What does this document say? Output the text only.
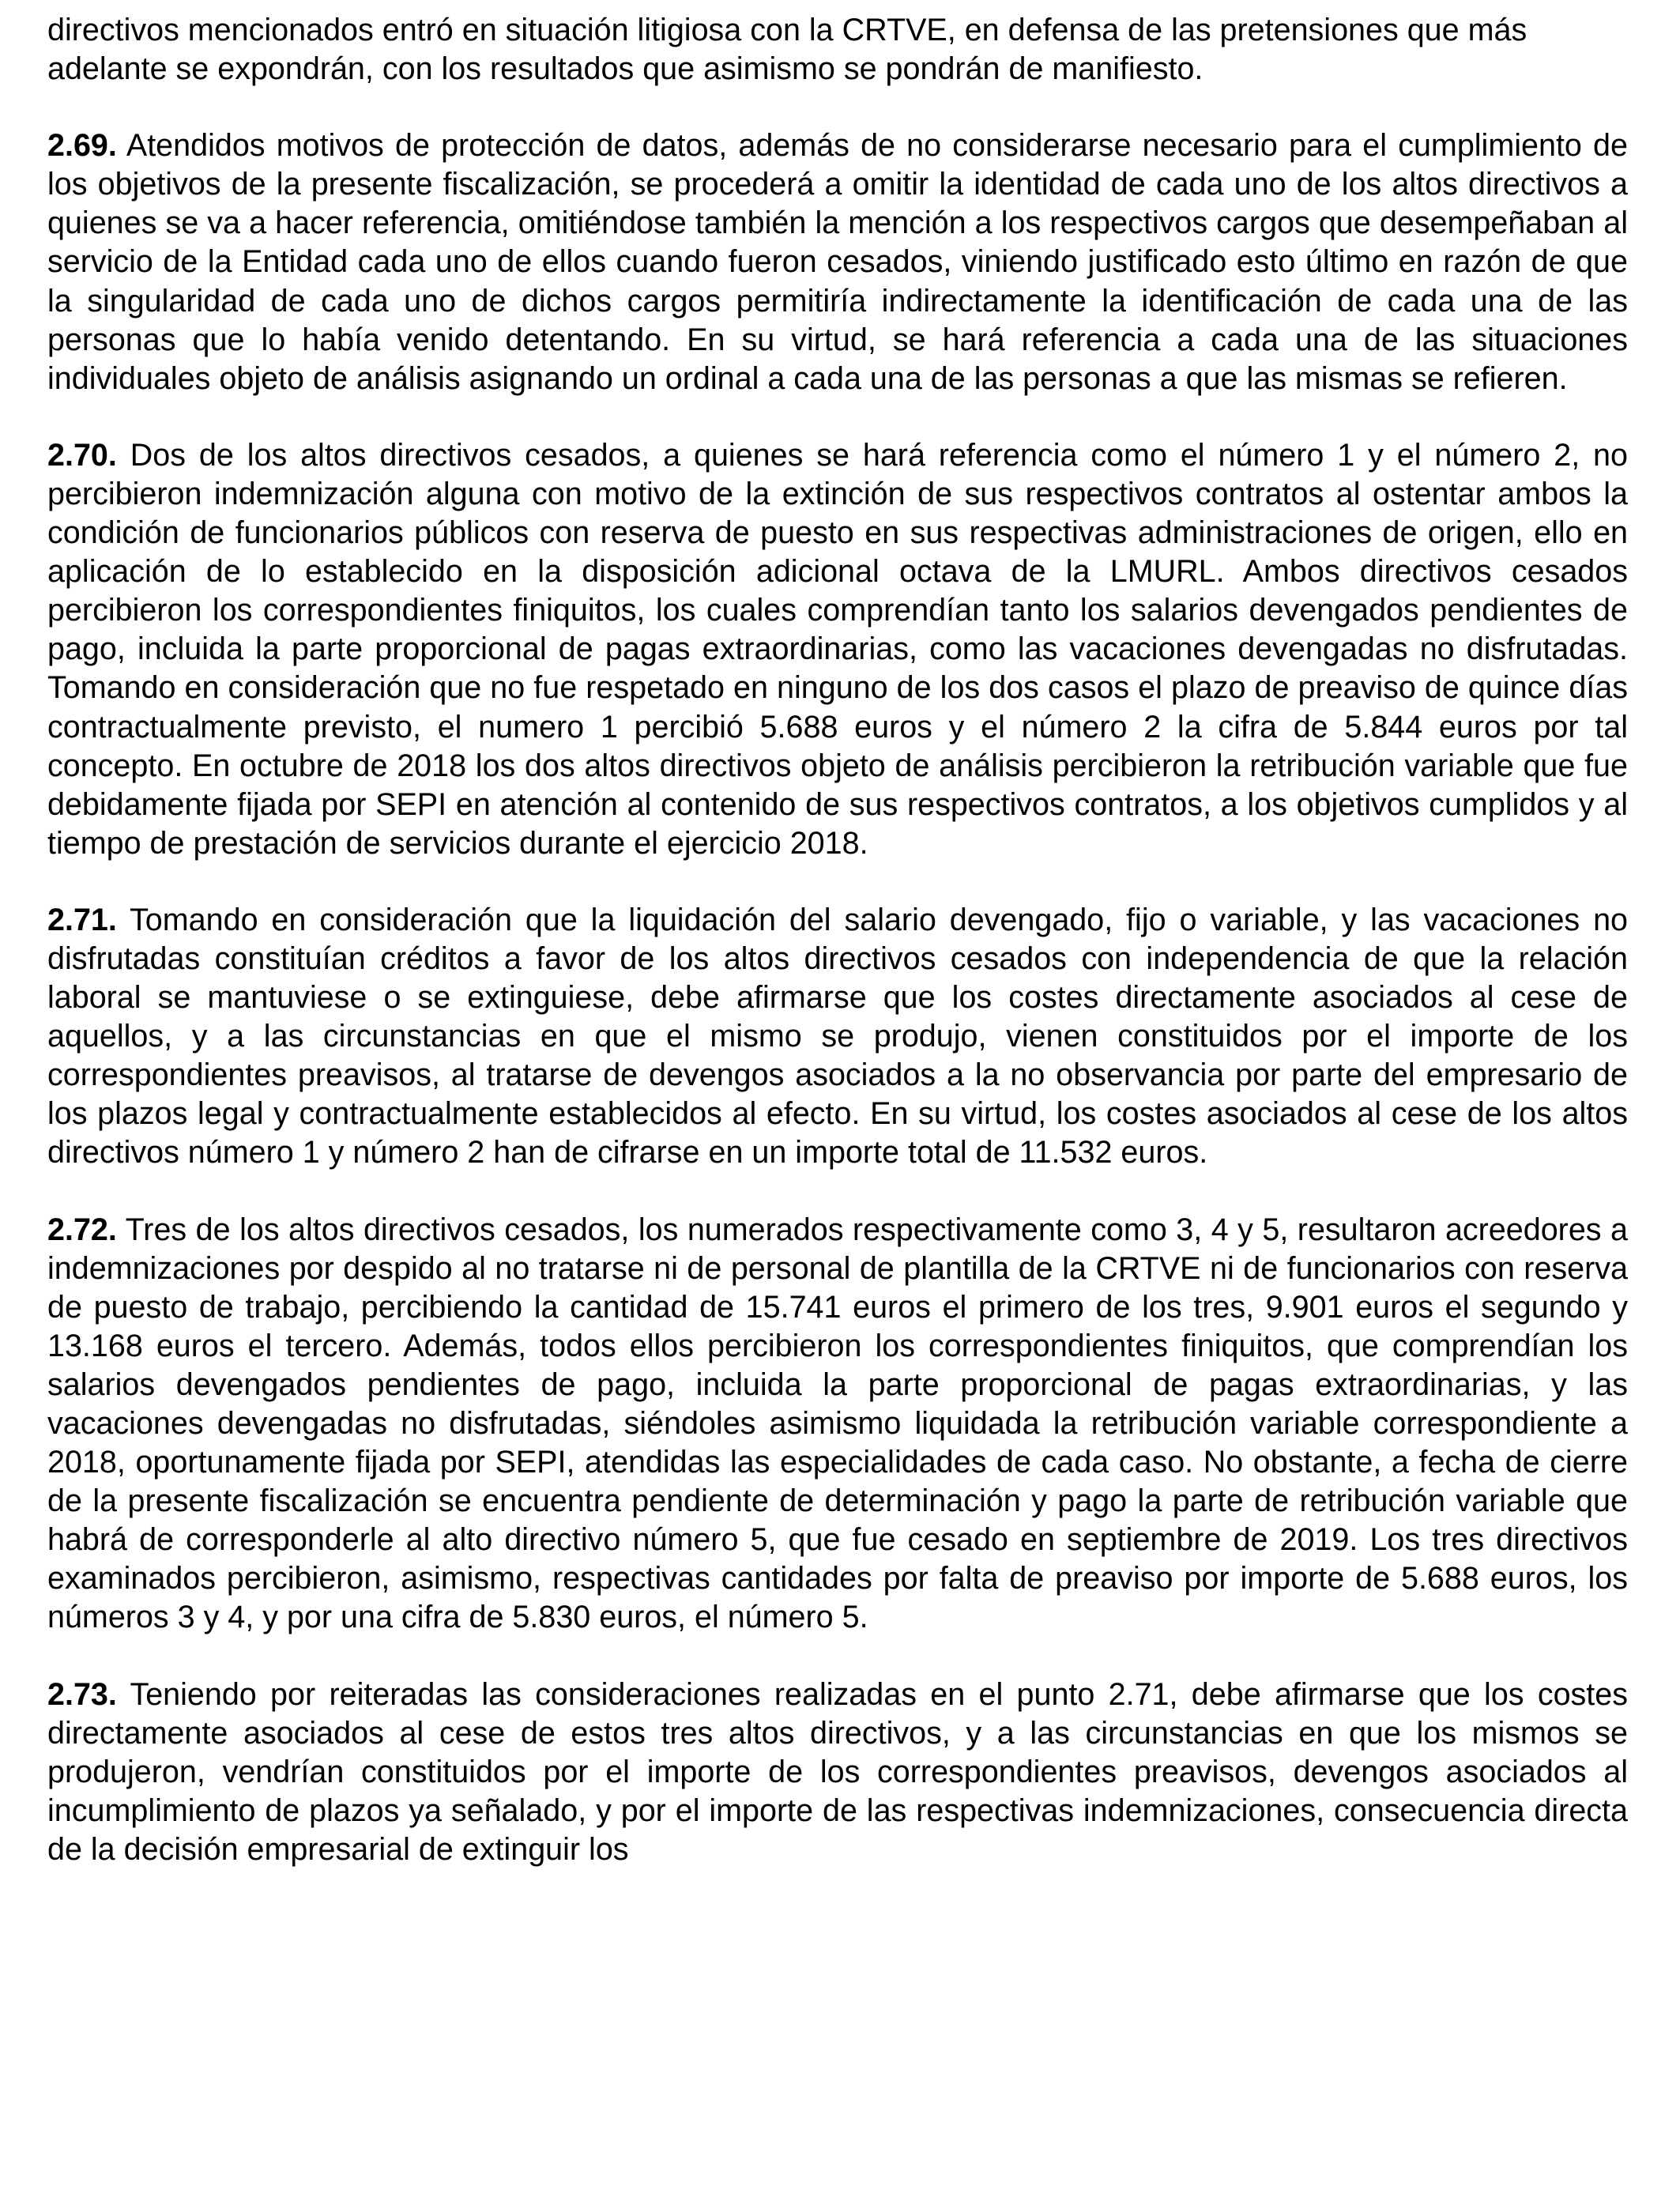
directivos mencionados entró en situación litigiosa con la CRTVE, en defensa de las pretensiones que más adelante se expondrán, con los resultados que asimismo se pondrán de manifiesto.

2.69. Atendidos motivos de protección de datos, además de no considerarse necesario para el cumplimiento de los objetivos de la presente fiscalización, se procederá a omitir la identidad de cada uno de los altos directivos a quienes se va a hacer referencia, omitiéndose también la mención a los respectivos cargos que desempeñaban al servicio de la Entidad cada uno de ellos cuando fueron cesados, viniendo justificado esto último en razón de que la singularidad de cada uno de dichos cargos permitiría indirectamente la identificación de cada una de las personas que lo había venido detentando. En su virtud, se hará referencia a cada una de las situaciones individuales objeto de análisis asignando un ordinal a cada una de las personas a que las mismas se refieren.

2.70. Dos de los altos directivos cesados, a quienes se hará referencia como el número 1 y el número 2, no percibieron indemnización alguna con motivo de la extinción de sus respectivos contratos al ostentar ambos la condición de funcionarios públicos con reserva de puesto en sus respectivas administraciones de origen, ello en aplicación de lo establecido en la disposición adicional octava de la LMURL. Ambos directivos cesados percibieron los correspondientes finiquitos, los cuales comprendían tanto los salarios devengados pendientes de pago, incluida la parte proporcional de pagas extraordinarias, como las vacaciones devengadas no disfrutadas. Tomando en consideración que no fue respetado en ninguno de los dos casos el plazo de preaviso de quince días contractualmente previsto, el numero 1 percibió 5.688 euros y el número 2 la cifra de 5.844 euros por tal concepto. En octubre de 2018 los dos altos directivos objeto de análisis percibieron la retribución variable que fue debidamente fijada por SEPI en atención al contenido de sus respectivos contratos, a los objetivos cumplidos y al tiempo de prestación de servicios durante el ejercicio 2018.

2.71. Tomando en consideración que la liquidación del salario devengado, fijo o variable, y las vacaciones no disfrutadas constituían créditos a favor de los altos directivos cesados con independencia de que la relación laboral se mantuviese o se extinguiese, debe afirmarse que los costes directamente asociados al cese de aquellos, y a las circunstancias en que el mismo se produjo, vienen constituidos por el importe de los correspondientes preavisos, al tratarse de devengos asociados a la no observancia por parte del empresario de los plazos legal y contractualmente establecidos al efecto. En su virtud, los costes asociados al cese de los altos directivos número 1 y número 2 han de cifrarse en un importe total de 11.532 euros.

2.72. Tres de los altos directivos cesados, los numerados respectivamente como 3, 4 y 5, resultaron acreedores a indemnizaciones por despido al no tratarse ni de personal de plantilla de la CRTVE ni de funcionarios con reserva de puesto de trabajo, percibiendo la cantidad de 15.741 euros el primero de los tres, 9.901 euros el segundo y 13.168 euros el tercero. Además, todos ellos percibieron los correspondientes finiquitos, que comprendían los salarios devengados pendientes de pago, incluida la parte proporcional de pagas extraordinarias, y las vacaciones devengadas no disfrutadas, siéndoles asimismo liquidada la retribución variable correspondiente a 2018, oportunamente fijada por SEPI, atendidas las especialidades de cada caso. No obstante, a fecha de cierre de la presente fiscalización se encuentra pendiente de determinación y pago la parte de retribución variable que habrá de corresponderle al alto directivo número 5, que fue cesado en septiembre de 2019. Los tres directivos examinados percibieron, asimismo, respectivas cantidades por falta de preaviso por importe de 5.688 euros, los números 3 y 4, y por una cifra de 5.830 euros, el número 5.

2.73. Teniendo por reiteradas las consideraciones realizadas en el punto 2.71, debe afirmarse que los costes directamente asociados al cese de estos tres altos directivos, y a las circunstancias en que los mismos se produjeron, vendrían constituidos por el importe de los correspondientes preavisos, devengos asociados al incumplimiento de plazos ya señalado, y por el importe de las respectivas indemnizaciones, consecuencia directa de la decisión empresarial de extinguir los
